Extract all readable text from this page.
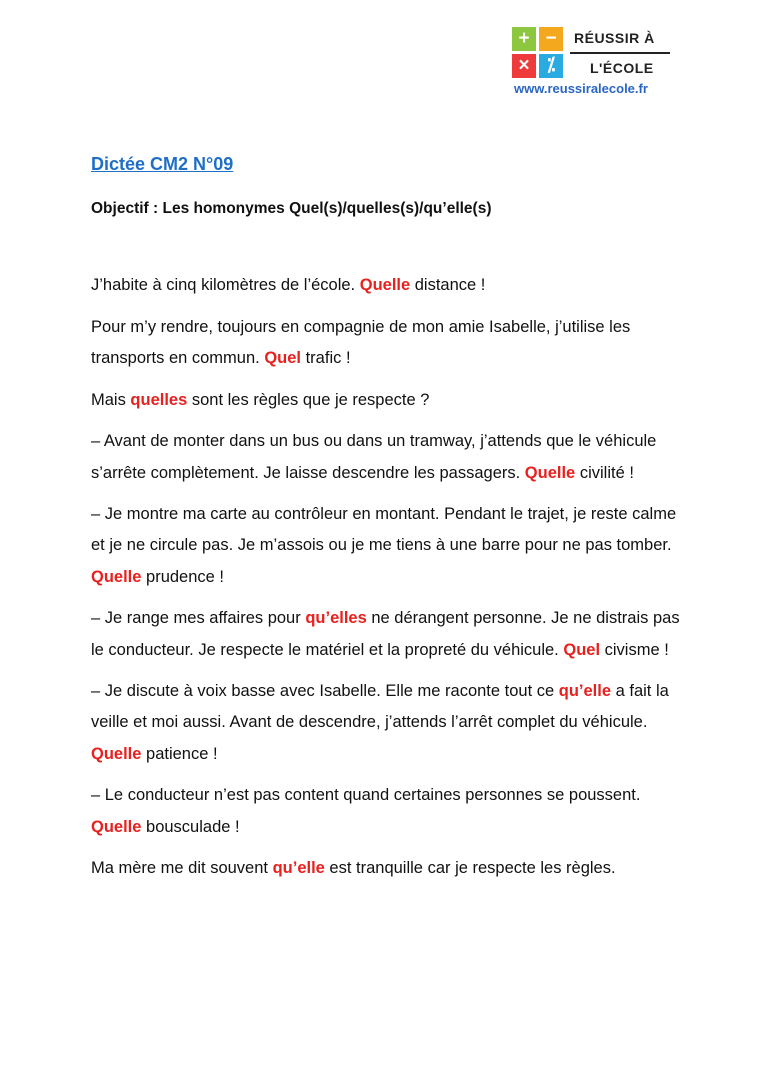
+ −
× ⁒
RÉUSSIR À
L'ÉCOLE
www.reussiralecole.fr
Dictée CM2 N°09

Objectif : Les homonymes Quel(s)/quelles(s)/qu’elle(s)

J’habite à cinq kilomètres de l’école. Quelle distance !

Pour m’y rendre, toujours en compagnie de mon amie Isabelle, j’utilise les transports en commun. Quel trafic !

Mais quelles sont les règles que je respecte ?

– Avant de monter dans un bus ou dans un tramway, j’attends que le véhicule s’arrête complètement. Je laisse descendre les passagers. Quelle civilité !

– Je montre ma carte au contrôleur en montant. Pendant le trajet, je reste calme et je ne circule pas. Je m’assois ou je me tiens à une barre pour ne pas tomber. Quelle prudence !

– Je range mes affaires pour qu’elles ne dérangent personne. Je ne distrais pas le conducteur. Je respecte le matériel et la propreté du véhicule. Quel civisme !

– Je discute à voix basse avec Isabelle. Elle me raconte tout ce qu’elle a fait la veille et moi aussi. Avant de descendre, j’attends l’arrêt complet du véhicule. Quelle patience !

– Le conducteur n’est pas content quand certaines personnes se poussent. Quelle bousculade !

Ma mère me dit souvent qu’elle est tranquille car je respecte les règles.
